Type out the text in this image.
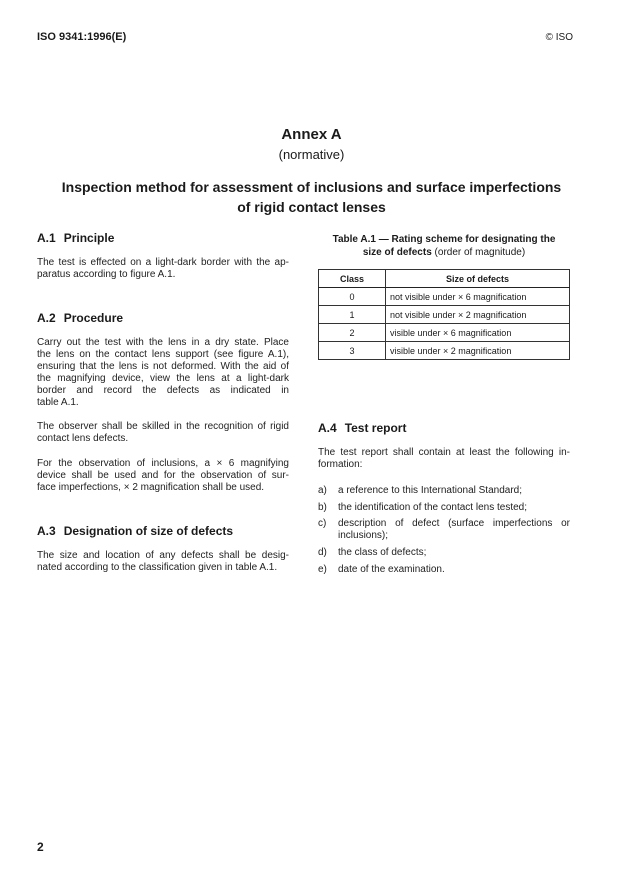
ISO 9341:1996(E)	© ISO
Annex A
(normative)
Inspection method for assessment of inclusions and surface imperfections
of rigid contact lenses
A.1 Principle
The test is effected on a light-dark border with the ap-
paratus according to figure A.1.
A.2 Procedure
Carry out the test with the lens in a dry state. Place
the lens on the contact lens support (see figure A.1),
ensuring that the lens is not deformed. With the aid of
the magnifying device, view the lens at a light-dark
border and record the defects as indicated in
table A.1.
The observer shall be skilled in the recognition of rigid
contact lens defects.
For the observation of inclusions, a × 6 magnifying
device shall be used and for the observation of sur-
face imperfections, × 2 magnification shall be used.
A.3 Designation of size of defects
The size and location of any defects shall be desig-
nated according to the classification given in table A.1.
Table A.1 — Rating scheme for designating the
size of defects (order of magnitude)
Class	Size of defects
0	not visible under × 6 magnification
1	not visible under × 2 magnification
2	visible under × 6 magnification
3	visible under × 2 magnification
A.4 Test report
The test report shall contain at least the following in-
formation:
a) a reference to this International Standard;
b) the identification of the contact lens tested;
c) description of defect (surface imperfections or
inclusions);
d) the class of defects;
e) date of the examination.
2
